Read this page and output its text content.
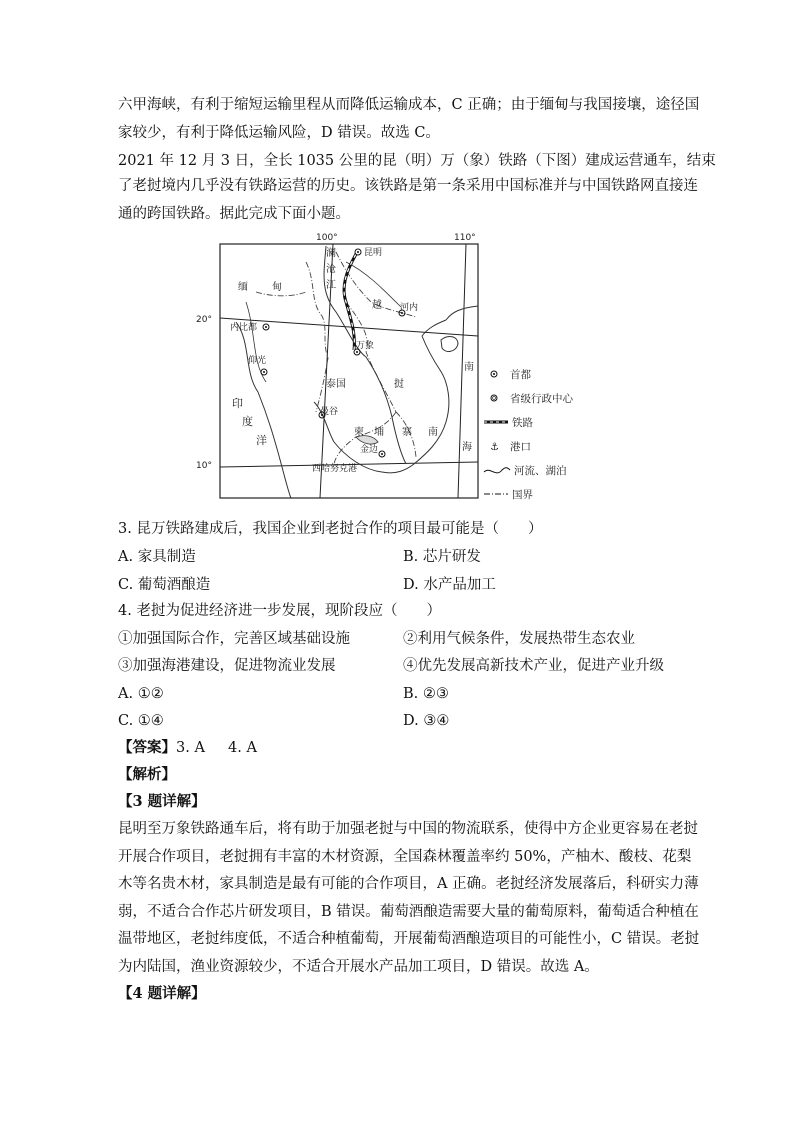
六甲海峡，有利于缩短运输里程从而降低运输成本，C 正确；由于缅甸与我国接壤，途径国
家较少，有利于降低运输风险，D 错误。故选 C。
2021 年 12 月 3 日，全长 1035 公里的昆（明）万（象）铁路（下图）建成运营通车，结束
了老挝境内几乎没有铁路运营的历史。该铁路是第一条采用中国标准并与中国铁路网直接连
通的跨国铁路。据此完成下面小题。
100°	110°
20°
10°
昆明
河内
万象
内比都
仰光
曼谷
金边
西哈努克港
澜
沧
江
缅 甸
越
泰国	挝
柬 埔 寨
南
南
海
印
度
洋
首都
省级行政中心
铁路
⚓ 港口
河流、湖泊
国界
3. 昆万铁路建成后，我国企业到老挝合作的项目最可能是（　　）
A. 家具制造	B. 芯片研发
C. 葡萄酒酿造	D. 水产品加工
4. 老挝为促进经济进一步发展，现阶段应（　　）
①加强国际合作，完善区域基础设施	②利用气候条件，发展热带生态农业
③加强海港建设，促进物流业发展	④优先发展高新技术产业，促进产业升级
A. ①②	B. ②③
C. ①④	D. ③④
【答案】 3. A 4. A
【解析】
【3 题详解】
昆明至万象铁路通车后，将有助于加强老挝与中国的物流联系，使得中方企业更容易在老挝
开展合作项目，老挝拥有丰富的木材资源，全国森林覆盖率约 50%，产柚木、酸枝、花梨
木等名贵木材，家具制造是最有可能的合作项目，A 正确。老挝经济发展落后，科研实力薄
弱，不适合合作芯片研发项目，B 错误。葡萄酒酿造需要大量的葡萄原料，葡萄适合种植在
温带地区，老挝纬度低，不适合种植葡萄，开展葡萄酒酿造项目的可能性小，C 错误。老挝
为内陆国，渔业资源较少，不适合开展水产品加工项目，D 错误。故选 A。
【4 题详解】
